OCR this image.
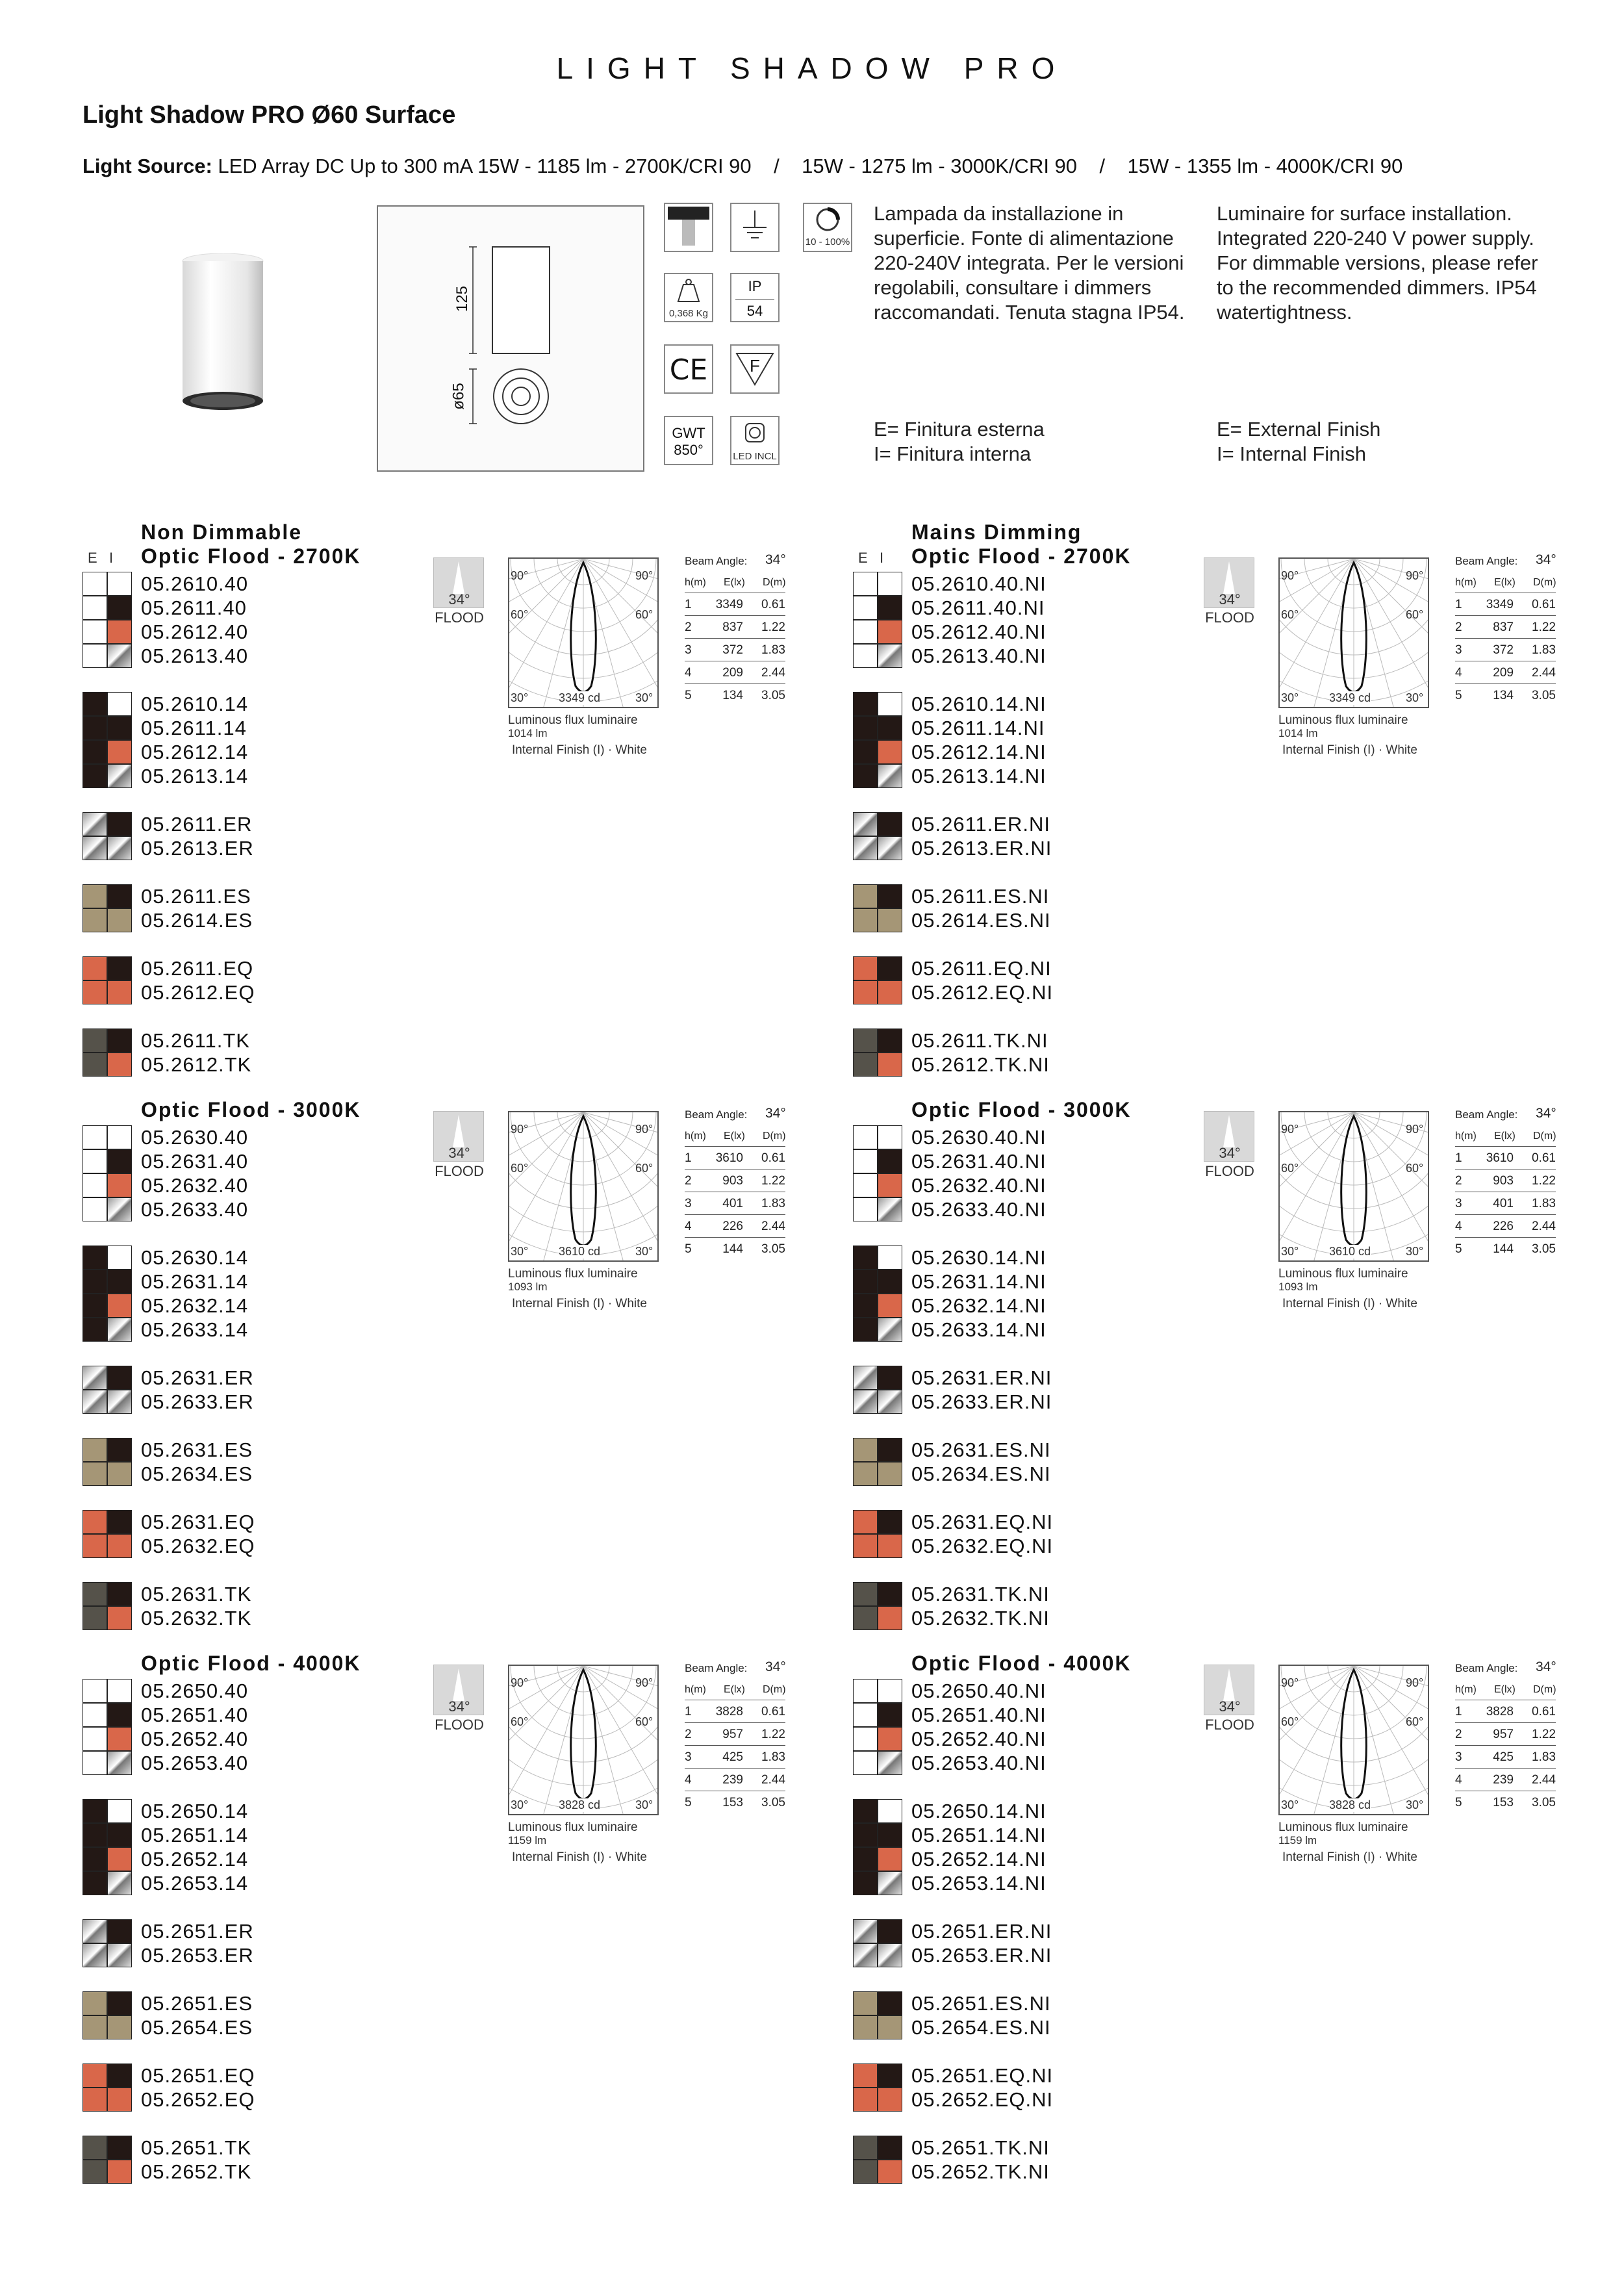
LIGHT SHADOW PRO
Light Shadow PRO Ø60 Surface
Light Source: LED Array DC Up to 300 mA 15W - 1185 lm - 2700K/CRI 90    /    15W - 1275 lm - 3000K/CRI 90    /    15W - 1355 lm - 4000K/CRI 90
125
ø65
10 - 100%
0,368 Kg
IP
54
CE	F
GWT
850°	LED INCL
Lampada da installazione in
superficie. Fonte di alimentazione
220-240V integrata. Per le versioni
regolabili, consultare i dimmers
raccomandati. Tenuta stagna IP54.
Luminaire for surface installation.
Integrated 220-240 V power supply.
For dimmable versions, please refer
to the recommended dimmers. IP54
watertightness.
E= Finitura esterna
I= Finitura interna
E= External Finish
I= Internal Finish
Non Dimmable
Optic Flood - 2700K
E   I
05.2610.40
05.2611.40
05.2612.40
05.2613.40
05.2610.14
05.2611.14
05.2612.14
05.2613.14
05.2611.ER
05.2613.ER
05.2611.ES
05.2614.ES
05.2611.EQ
05.2612.EQ
05.2611.TK
05.2612.TK
34°
FLOOD
90°	90°
60°	60°
30°	30°
3349 cd
Luminous flux luminaire
1014 lm
Internal Finish (I) · White
Beam Angle: 34°
h(m) E(lx) D(m)
1	3349	0.61
2	837	1.22
3	372	1.83
4	209	2.44
5	134	3.05
Mains Dimming
Optic Flood - 2700K
E   I
05.2610.40.NI
05.2611.40.NI
05.2612.40.NI
05.2613.40.NI
05.2610.14.NI
05.2611.14.NI
05.2612.14.NI
05.2613.14.NI
05.2611.ER.NI
05.2613.ER.NI
05.2611.ES.NI
05.2614.ES.NI
05.2611.EQ.NI
05.2612.EQ.NI
05.2611.TK.NI
05.2612.TK.NI
34°
FLOOD
90°	90°
60°	60°
30°	30°
3349 cd
Luminous flux luminaire
1014 lm
Internal Finish (I) · White
Beam Angle: 34°
h(m) E(lx) D(m)
1	3349	0.61
2	837	1.22
3	372	1.83
4	209	2.44
5	134	3.05
Optic Flood - 3000K
05.2630.40
05.2631.40
05.2632.40
05.2633.40
05.2630.14
05.2631.14
05.2632.14
05.2633.14
05.2631.ER
05.2633.ER
05.2631.ES
05.2634.ES
05.2631.EQ
05.2632.EQ
05.2631.TK
05.2632.TK
34°
FLOOD
90°	90°
60°	60°
30°	30°
3610 cd
Luminous flux luminaire
1093 lm
Internal Finish (I) · White
Beam Angle: 34°
h(m) E(lx) D(m)
1	3610	0.61
2	903	1.22
3	401	1.83
4	226	2.44
5	144	3.05
Optic Flood - 3000K
05.2630.40.NI
05.2631.40.NI
05.2632.40.NI
05.2633.40.NI
05.2630.14.NI
05.2631.14.NI
05.2632.14.NI
05.2633.14.NI
05.2631.ER.NI
05.2633.ER.NI
05.2631.ES.NI
05.2634.ES.NI
05.2631.EQ.NI
05.2632.EQ.NI
05.2631.TK.NI
05.2632.TK.NI
34°
FLOOD
90°	90°
60°	60°
30°	30°
3610 cd
Luminous flux luminaire
1093 lm
Internal Finish (I) · White
Beam Angle: 34°
h(m) E(lx) D(m)
1	3610	0.61
2	903	1.22
3	401	1.83
4	226	2.44
5	144	3.05
Optic Flood - 4000K
05.2650.40
05.2651.40
05.2652.40
05.2653.40
05.2650.14
05.2651.14
05.2652.14
05.2653.14
05.2651.ER
05.2653.ER
05.2651.ES
05.2654.ES
05.2651.EQ
05.2652.EQ
05.2651.TK
05.2652.TK
34°
FLOOD
90°	90°
60°	60°
30°	30°
3828 cd
Luminous flux luminaire
1159 lm
Internal Finish (I) · White
Beam Angle: 34°
h(m) E(lx) D(m)
1	3828	0.61
2	957	1.22
3	425	1.83
4	239	2.44
5	153	3.05
Optic Flood - 4000K
05.2650.40.NI
05.2651.40.NI
05.2652.40.NI
05.2653.40.NI
05.2650.14.NI
05.2651.14.NI
05.2652.14.NI
05.2653.14.NI
05.2651.ER.NI
05.2653.ER.NI
05.2651.ES.NI
05.2654.ES.NI
05.2651.EQ.NI
05.2652.EQ.NI
05.2651.TK.NI
05.2652.TK.NI
34°
FLOOD
90°	90°
60°	60°
30°	30°
3828 cd
Luminous flux luminaire
1159 lm
Internal Finish (I) · White
Beam Angle: 34°
h(m) E(lx) D(m)
1	3828	0.61
2	957	1.22
3	425	1.83
4	239	2.44
5	153	3.05
